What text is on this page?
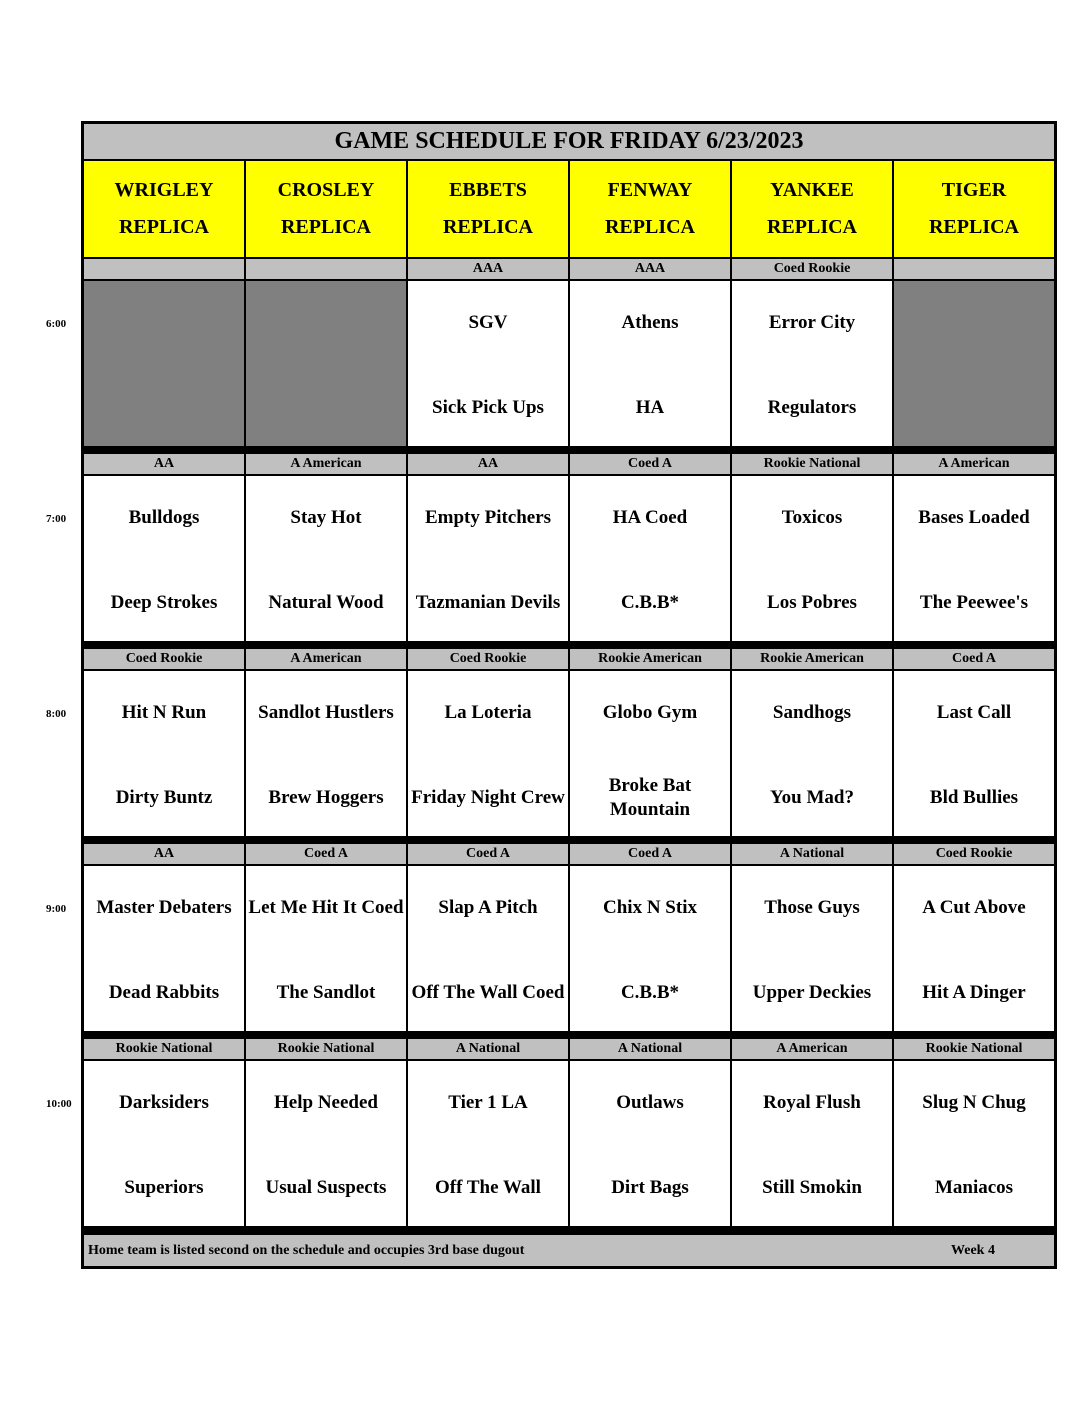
6:00
7:00
8:00
9:00
10:00
GAME SCHEDULE FOR FRIDAY 6/23/2023
WRIGLEY
REPLICA
CROSLEY
REPLICA
EBBETS
REPLICA
FENWAY
REPLICA
YANKEE
REPLICA
TIGER
REPLICA
AAA
SGV
Sick Pick Ups
AAA
Athens
HA
Coed Rookie
Error City
Regulators
AA
Bulldogs
Deep Strokes
A American
Stay Hot
Natural Wood
AA
Empty Pitchers
Tazmanian Devils
Coed A
HA Coed
C.B.B*
Rookie National
Toxicos
Los Pobres
A American
Bases Loaded
The Peewee's
Coed Rookie
Hit N Run
Dirty Buntz
A American
Sandlot Hustlers
Brew Hoggers
Coed Rookie
La Loteria
Friday Night Crew
Rookie American
Globo Gym
Broke Bat Mountain
Rookie American
Sandhogs
You Mad?
Coed A
Last Call
Bld Bullies
AA
Master Debaters
Dead Rabbits
Coed A
Let Me Hit It Coed
The Sandlot
Coed A
Slap A Pitch
Off The Wall Coed
Coed A
Chix N Stix
C.B.B*
A National
Those Guys
Upper Deckies
Coed Rookie
A Cut Above
Hit A Dinger
Rookie National
Darksiders
Superiors
Rookie National
Help Needed
Usual Suspects
A National
Tier 1 LA
Off The Wall
A National
Outlaws
Dirt Bags
A American
Royal Flush
Still Smokin
Rookie National
Slug N Chug
Maniacos
Home team is listed second on the schedule and occupies 3rd base dugout	Week 4
